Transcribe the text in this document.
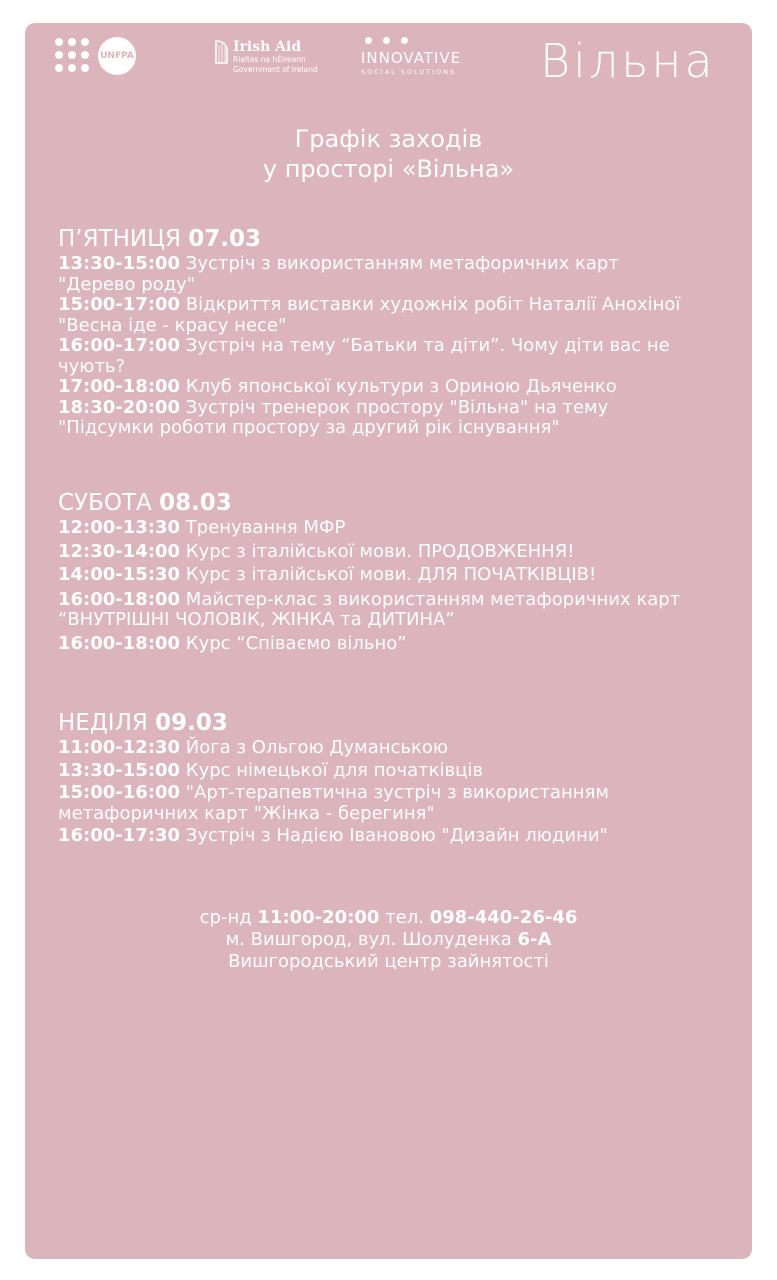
UNFPA
Irish Aid
Rialtas na hÉireann
Government of Ireland
INNOVATIVE
SOCIAL SOLUTIONS Вільна
Графік заходів
у просторі «Вільна»
П’ЯТНИЦЯ 07.03
13:30-15:00 Зустріч з використанням метафоричних карт
"Дерево роду"
15:00-17:00 Відкриття виставки художніх робіт Наталії Анохіної
"Весна іде - красу несе"
16:00-17:00 Зустріч на тему “Батьки та діти”. Чому діти вас не
чують?
17:00-18:00 Клуб японської культури з Ориною Дьяченко
18:30-20:00 Зустріч тренерок простору "Вільна" на тему
"Підсумки роботи простору за другий рік існування"
СУБОТА 08.03
12:00-13:30 Тренування МФР
12:30-14:00 Курс з італійської мови. ПРОДОВЖЕННЯ!
14:00-15:30 Курс з італійської мови. ДЛЯ ПОЧАТКІВЦІВ!
16:00-18:00 Майстер-клас з використанням метафоричних карт
“ВНУТРІШНІ ЧОЛОВІК, ЖІНКА та ДИТИНА”
16:00-18:00 Курс “Співаємо вільно”
НЕДІЛЯ 09.03
11:00-12:30 Йога з Ольгою Думанською
13:30-15:00 Курс німецької для початківців
15:00-16:00 "Арт-терапевтична зустріч з використанням
метафоричних карт "Жінка - берегиня"
16:00-17:30 Зустріч з Надією Івановою "Дизайн людини"
ср-нд 11:00-20:00 тел. 098-440-26-46
м. Вишгород, вул. Шолуденка 6-А
Вишгородський центр зайнятості
